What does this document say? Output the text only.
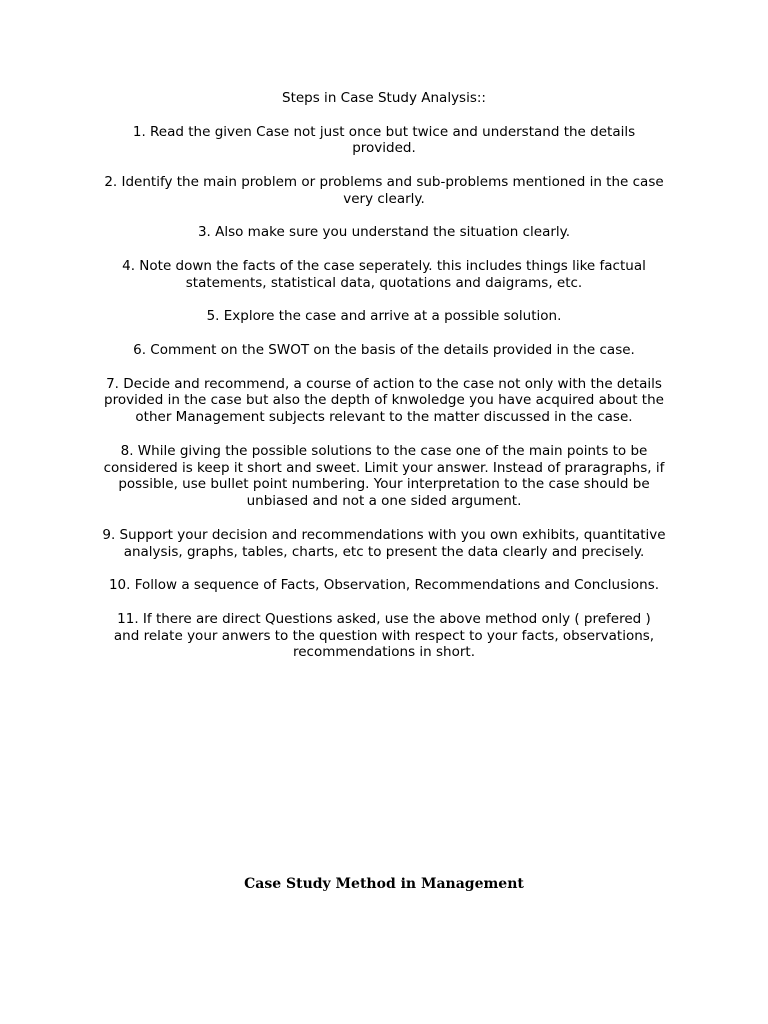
Steps in Case Study Analysis::

1. Read the given Case not just once but twice and understand the details provided.

2. Identify the main problem or problems and sub-problems mentioned in the case very clearly.

3. Also make sure you understand the situation clearly.

4. Note down the facts of the case seperately. this includes things like factual statements, statistical data, quotations and daigrams, etc.

5. Explore the case and arrive at a possible solution.

6. Comment on the SWOT on the basis of the details provided in the case.

7. Decide and recommend, a course of action to the case not only with the details provided in the case but also the depth of knwoledge you have acquired about the other Management subjects relevant to the matter discussed in the case.

8. While giving the possible solutions to the case one of the main points to be considered is keep it short and sweet. Limit your answer. Instead of praragraphs, if possible, use bullet point numbering. Your interpretation to the case should be unbiased and not a one sided argument.

9. Support your decision and recommendations with you own exhibits, quantitative analysis, graphs, tables, charts, etc to present the data clearly and precisely.

10. Follow a sequence of Facts, Observation, Recommendations and Conclusions.

11. If there are direct Questions asked, use the above method only ( prefered )
and relate your anwers to the question with respect to your facts, observations, recommendations in short.

Case Study Method in Management
